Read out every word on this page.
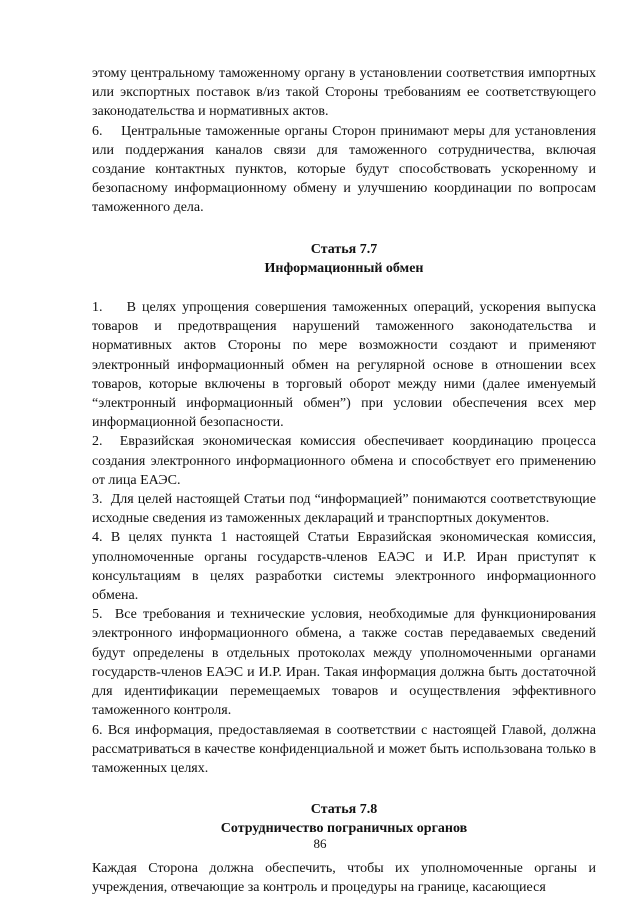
этому центральному таможенному органу в установлении соответствия импортных или экспортных поставок в/из такой Стороны требованиям ее соответствующего законодательства и нормативных актов.

6.    Центральные таможенные органы Сторон принимают меры для установления или поддержания каналов связи для таможенного сотрудничества, включая создание контактных пунктов, которые будут способствовать ускоренному и безопасному информационному обмену и улучшению координации по вопросам таможенного дела.

Статья 7.7

Информационный обмен

1.    В целях упрощения совершения таможенных операций, ускорения выпуска товаров и предотвращения нарушений таможенного законодательства и нормативных актов Стороны по мере возможности создают и применяют электронный информационный обмен на регулярной основе в отношении всех товаров, которые включены в торговый оборот между ними (далее именуемый “электронный информационный обмен”) при условии обеспечения всех мер информационной безопасности.

2.  Евразийская экономическая комиссия обеспечивает координацию процесса создания электронного информационного обмена и способствует его применению от лица ЕАЭС.

3.  Для целей настоящей Статьи под “информацией” понимаются соответствующие исходные сведения из таможенных деклараций и транспортных документов.

4. В целях пункта 1 настоящей Статьи Евразийская экономическая комиссия, уполномоченные органы государств-членов ЕАЭС и И.Р. Иран приступят к консультациям в целях разработки системы электронного информационного обмена.

5.  Все требования и технические условия, необходимые для функционирования электронного информационного обмена, а также состав передаваемых сведений будут определены в отдельных протоколах между уполномоченными органами государств-членов ЕАЭС и И.Р. Иран. Такая информация должна быть достаточной для идентификации перемещаемых товаров и осуществления эффективного таможенного контроля.

6. Вся информация, предоставляемая в соответствии с настоящей Главой, должна рассматриваться в качестве конфиденциальной и может быть использована только в таможенных целях.

Статья 7.8

Сотрудничество пограничных органов

Каждая Сторона должна обеспечить, чтобы их уполномоченные органы и учреждения, отвечающие за контроль и процедуры на границе, касающиеся

86
